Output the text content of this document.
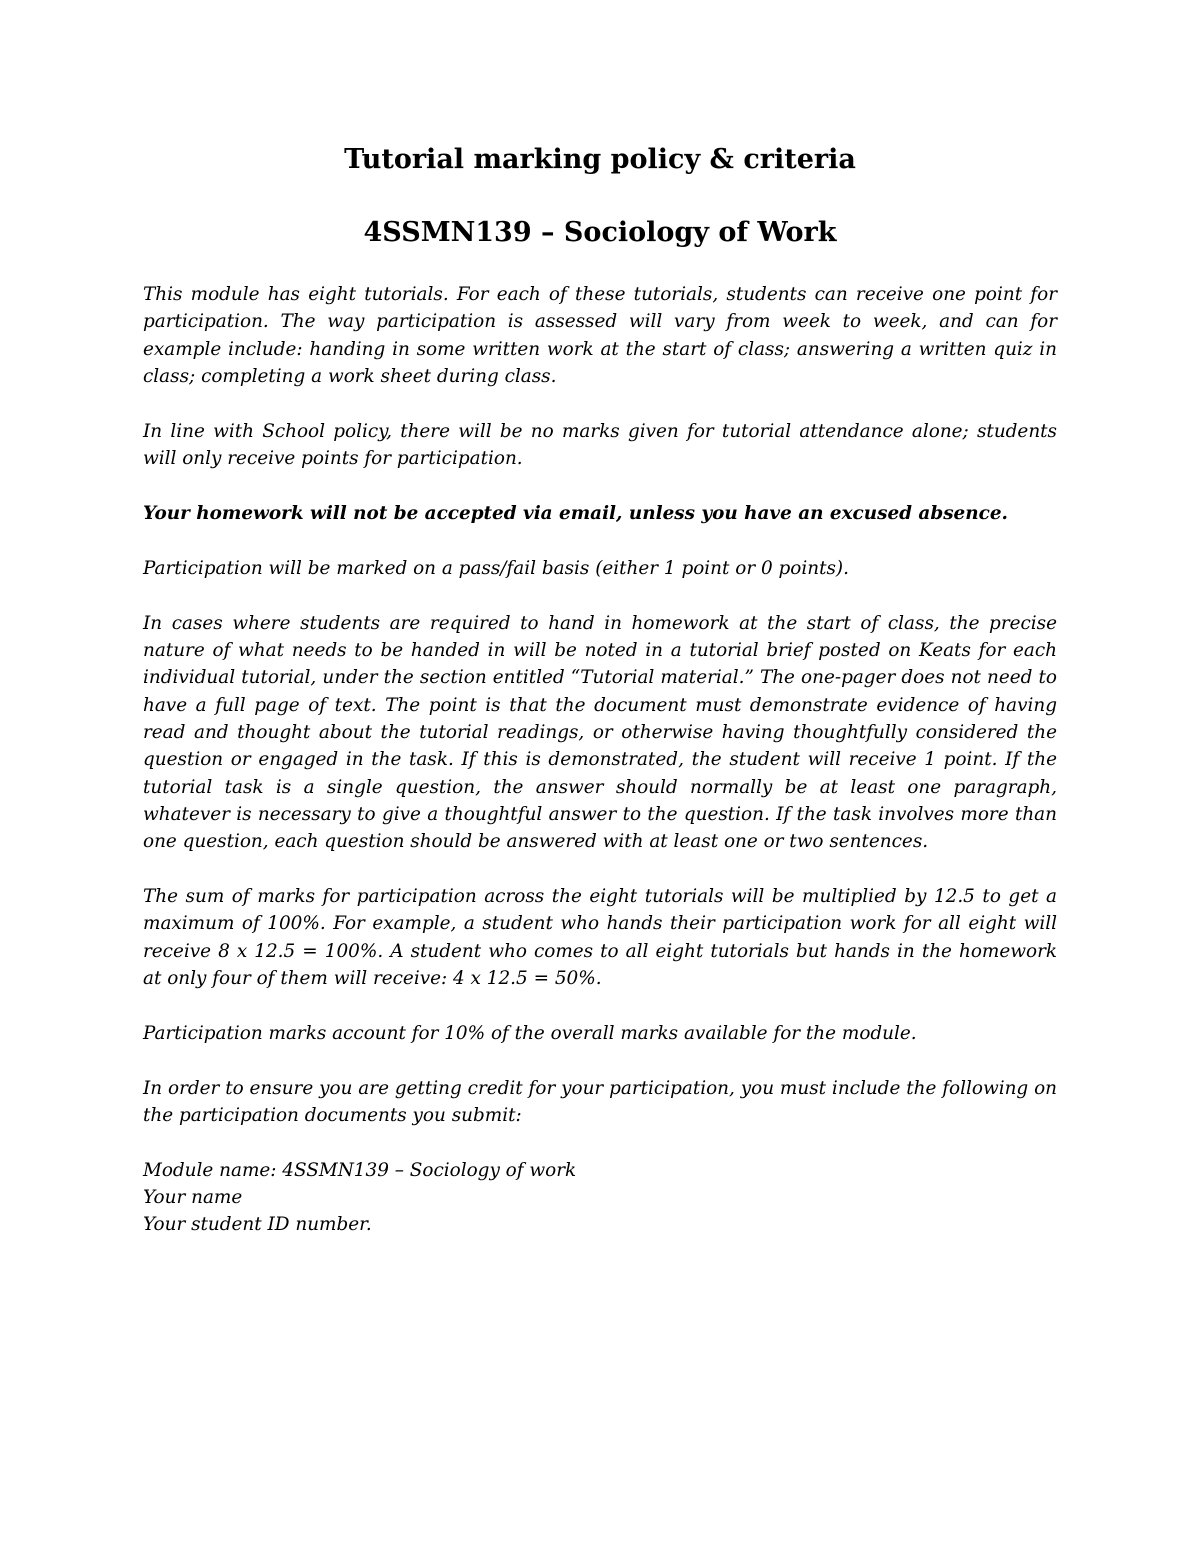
Tutorial marking policy & criteria
4SSMN139 – Sociology of Work

This module has eight tutorials. For each of these tutorials, students can receive one point for participation. The way participation is assessed will vary from week to week, and can for example include: handing in some written work at the start of class; answering a written quiz in class; completing a work sheet during class.

In line with School policy, there will be no marks given for tutorial attendance alone; students will only receive points for participation.

Your homework will not be accepted via email, unless you have an excused absence.

Participation will be marked on a pass/fail basis (either 1 point or 0 points).

In cases where students are required to hand in homework at the start of class, the precise nature of what needs to be handed in will be noted in a tutorial brief posted on Keats for each individual tutorial, under the section entitled “Tutorial material.” The one-pager does not need to have a full page of text. The point is that the document must demonstrate evidence of having read and thought about the tutorial readings, or otherwise having thoughtfully considered the question or engaged in the task. If this is demonstrated, the student will receive 1 point. If the tutorial task is a single question, the answer should normally be at least one paragraph, whatever is necessary to give a thoughtful answer to the question. If the task involves more than one question, each question should be answered with at least one or two sentences.

The sum of marks for participation across the eight tutorials will be multiplied by 12.5 to get a maximum of 100%. For example, a student who hands their participation work for all eight will receive 8 x 12.5 = 100%. A student who comes to all eight tutorials but hands in the homework at only four of them will receive: 4 x 12.5 = 50%.

Participation marks account for 10% of the overall marks available for the module.

In order to ensure you are getting credit for your participation, you must include the following on the participation documents you submit:

Module name: 4SSMN139 – Sociology of work

Your name

Your student ID number.
